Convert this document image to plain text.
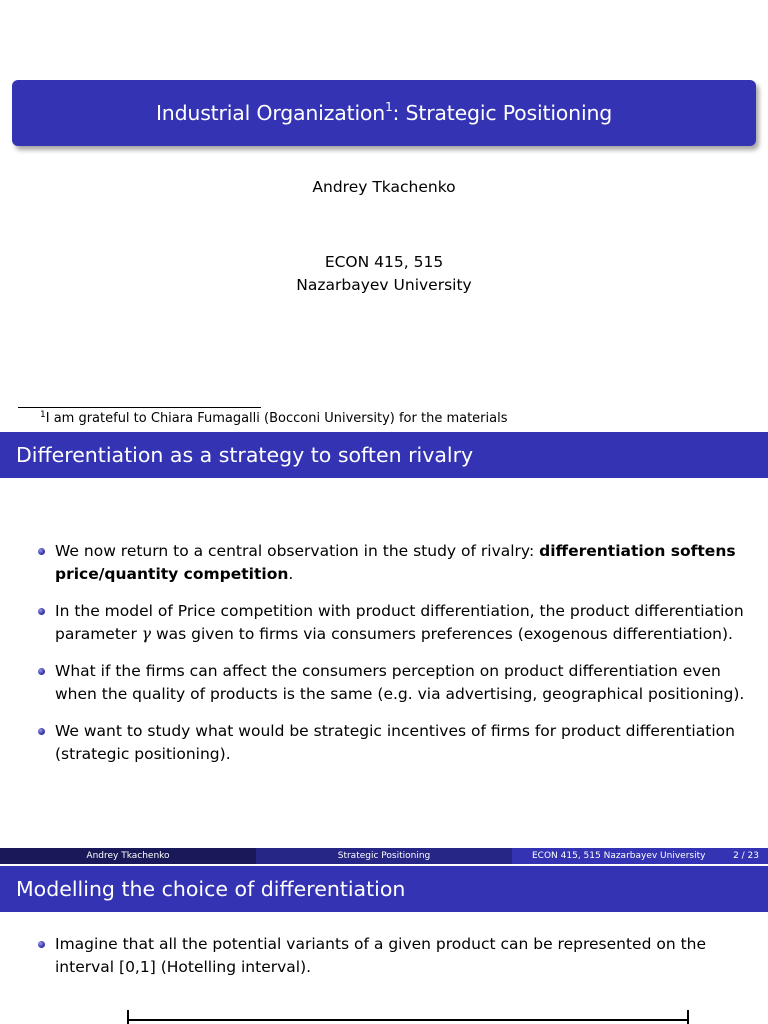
Industrial Organization$^1$: Strategic Positioning
Andrey Tkachenko
ECON 415, 515
Nazarbayev University
$^1$I am grateful to Chiara Fumagalli (Bocconi University) for the materials
Differentiation as a strategy to soften rivalry
We now return to a central observation in the study of rivalry: differentiation softens price/quantity competition.
In the model of Price competition with product differentiation, the product differentiation parameter γ was given to firms via consumers preferences (exogenous differentiation).
What if the firms can affect the consumers perception on product differentiation even when the quality of products is the same (e.g. via advertising, geographical positioning).
We want to study what would be strategic incentives of firms for product differentiation (strategic positioning).
Andrey Tkachenko	Strategic Positioning	ECON 415, 515 Nazarbayev University	2 / 23
Modelling the choice of differentiation
Imagine that all the potential variants of a given product can be represented on the interval [0,1] (Hotelling interval).
